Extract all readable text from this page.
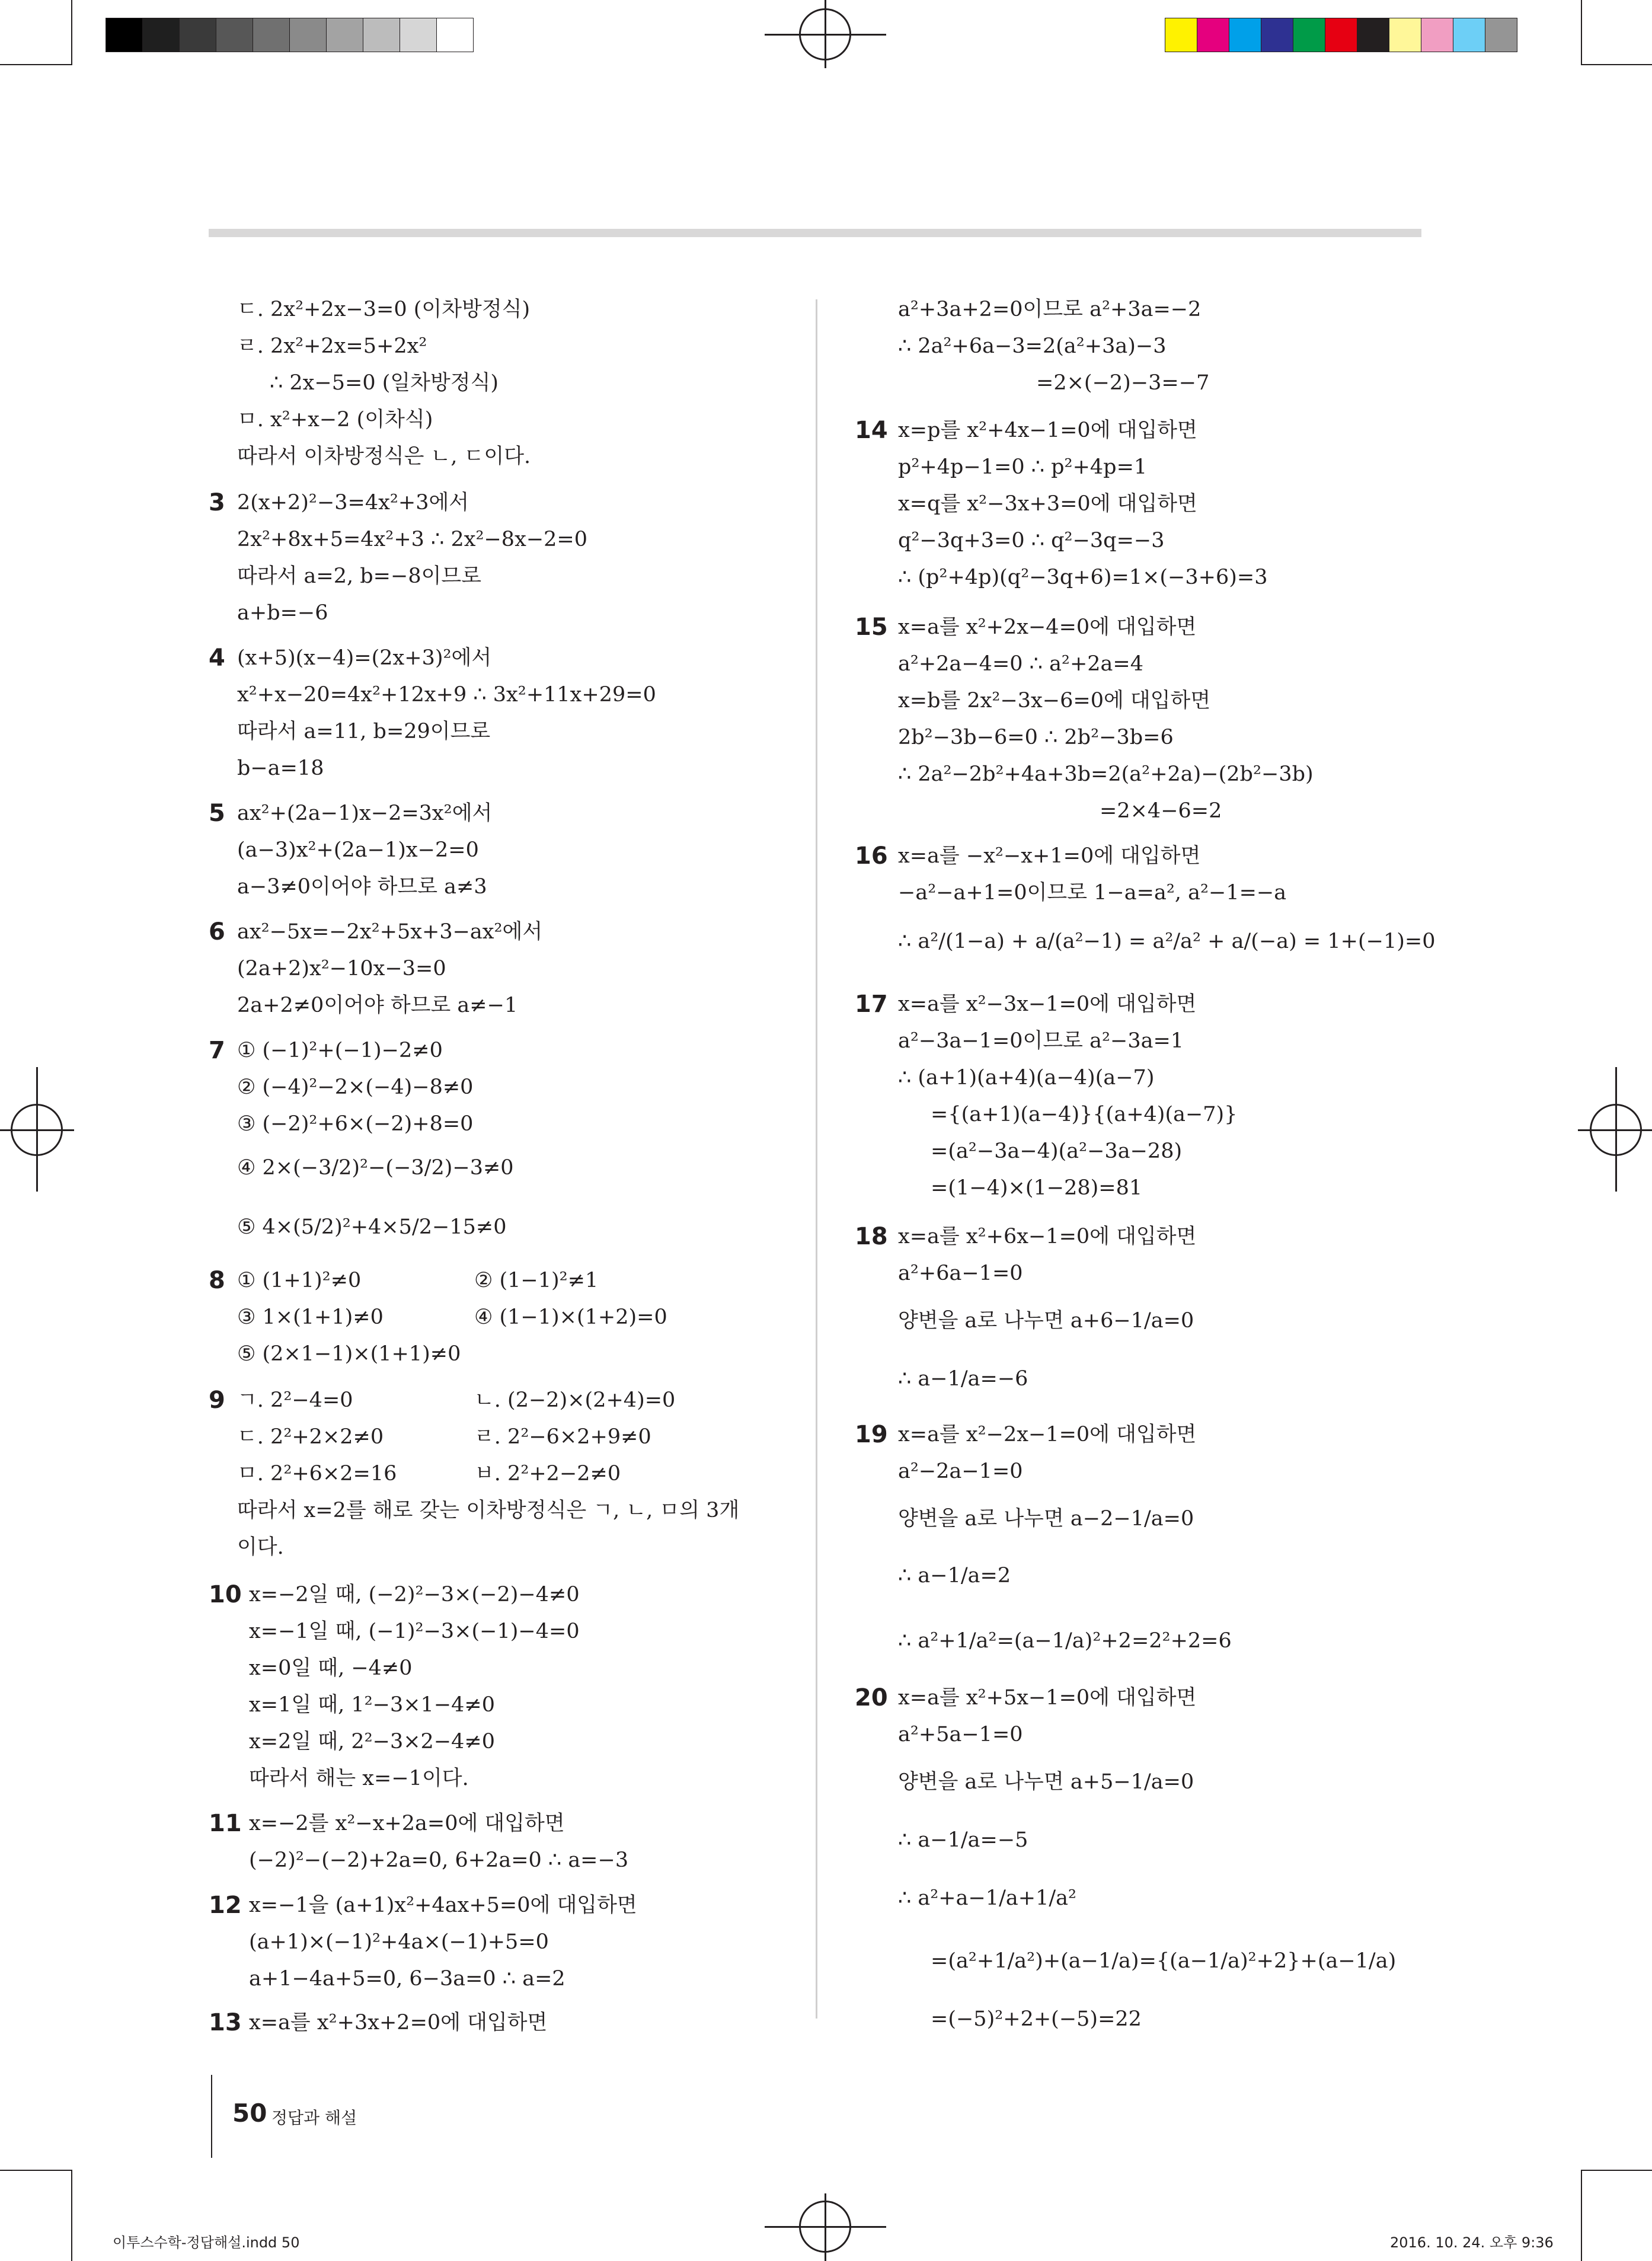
ㄷ. 2x²+2x−3=0 (이차방정식)
ㄹ. 2x²+2x=5+2x²
∴ 2x−5=0 (일차방정식)
ㅁ. x²+x−2 (이차식)
따라서 이차방정식은 ㄴ, ㄷ이다.
3 2(x+2)²−3=4x²+3에서
2x²+8x+5=4x²+3 ∴ 2x²−8x−2=0
따라서 a=2, b=−8이므로
a+b=−6
4 (x+5)(x−4)=(2x+3)²에서
x²+x−20=4x²+12x+9 ∴ 3x²+11x+29=0
따라서 a=11, b=29이므로
b−a=18
5 ax²+(2a−1)x−2=3x²에서
(a−3)x²+(2a−1)x−2=0
a−3≠0이어야 하므로 a≠3
6 ax²−5x=−2x²+5x+3−ax²에서
(2a+2)x²−10x−3=0
2a+2≠0이어야 하므로 a≠−1
7 ① (−1)²+(−1)−2≠0
② (−4)²−2×(−4)−8≠0
③ (−2)²+6×(−2)+8=0
④ 2×(−3/2)²−(−3/2)−3≠0
⑤ 4×(5/2)²+4×5/2−15≠0
8 ① (1+1)²≠0	② (1−1)²≠1
③ 1×(1+1)≠0	④ (1−1)×(1+2)=0
⑤ (2×1−1)×(1+1)≠0
9 ㄱ. 2²−4=0	ㄴ. (2−2)×(2+4)=0
ㄷ. 2²+2×2≠0	ㄹ. 2²−6×2+9≠0
ㅁ. 2²+6×2=16	ㅂ. 2²+2−2≠0
따라서 x=2를 해로 갖는 이차방정식은 ㄱ, ㄴ, ㅁ의 3개
이다.
10 x=−2일 때, (−2)²−3×(−2)−4≠0
x=−1일 때, (−1)²−3×(−1)−4=0
x=0일 때, −4≠0
x=1일 때, 1²−3×1−4≠0
x=2일 때, 2²−3×2−4≠0
따라서 해는 x=−1이다.
11 x=−2를 x²−x+2a=0에 대입하면
(−2)²−(−2)+2a=0, 6+2a=0 ∴ a=−3
12 x=−1을 (a+1)x²+4ax+5=0에 대입하면
(a+1)×(−1)²+4a×(−1)+5=0
a+1−4a+5=0, 6−3a=0 ∴ a=2
13 x=a를 x²+3x+2=0에 대입하면
a²+3a+2=0이므로 a²+3a=−2
∴ 2a²+6a−3=2(a²+3a)−3
=2×(−2)−3=−7
14 x=p를 x²+4x−1=0에 대입하면
p²+4p−1=0 ∴ p²+4p=1
x=q를 x²−3x+3=0에 대입하면
q²−3q+3=0 ∴ q²−3q=−3
∴ (p²+4p)(q²−3q+6)=1×(−3+6)=3
15 x=a를 x²+2x−4=0에 대입하면
a²+2a−4=0 ∴ a²+2a=4
x=b를 2x²−3x−6=0에 대입하면
2b²−3b−6=0 ∴ 2b²−3b=6
∴ 2a²−2b²+4a+3b=2(a²+2a)−(2b²−3b)
=2×4−6=2
16 x=a를 −x²−x+1=0에 대입하면
−a²−a+1=0이므로 1−a=a², a²−1=−a
∴ a²/(1−a) + a/(a²−1) = a²/a² + a/(−a) = 1+(−1)=0
17 x=a를 x²−3x−1=0에 대입하면
a²−3a−1=0이므로 a²−3a=1
∴ (a+1)(a+4)(a−4)(a−7)
={(a+1)(a−4)}{(a+4)(a−7)}
=(a²−3a−4)(a²−3a−28)
=(1−4)×(1−28)=81
18 x=a를 x²+6x−1=0에 대입하면
a²+6a−1=0
양변을 a로 나누면 a+6−1/a=0
∴ a−1/a=−6
19 x=a를 x²−2x−1=0에 대입하면
a²−2a−1=0
양변을 a로 나누면 a−2−1/a=0
∴ a−1/a=2
∴ a²+1/a²=(a−1/a)²+2=2²+2=6
20 x=a를 x²+5x−1=0에 대입하면
a²+5a−1=0
양변을 a로 나누면 a+5−1/a=0
∴ a−1/a=−5
∴ a²+a−1/a+1/a²
=(a²+1/a²)+(a−1/a)={(a−1/a)²+2}+(a−1/a)
=(−5)²+2+(−5)=22
50 정답과 해설
이투스수학-정답해설.indd 50	2016. 10. 24. 오후 9:36
